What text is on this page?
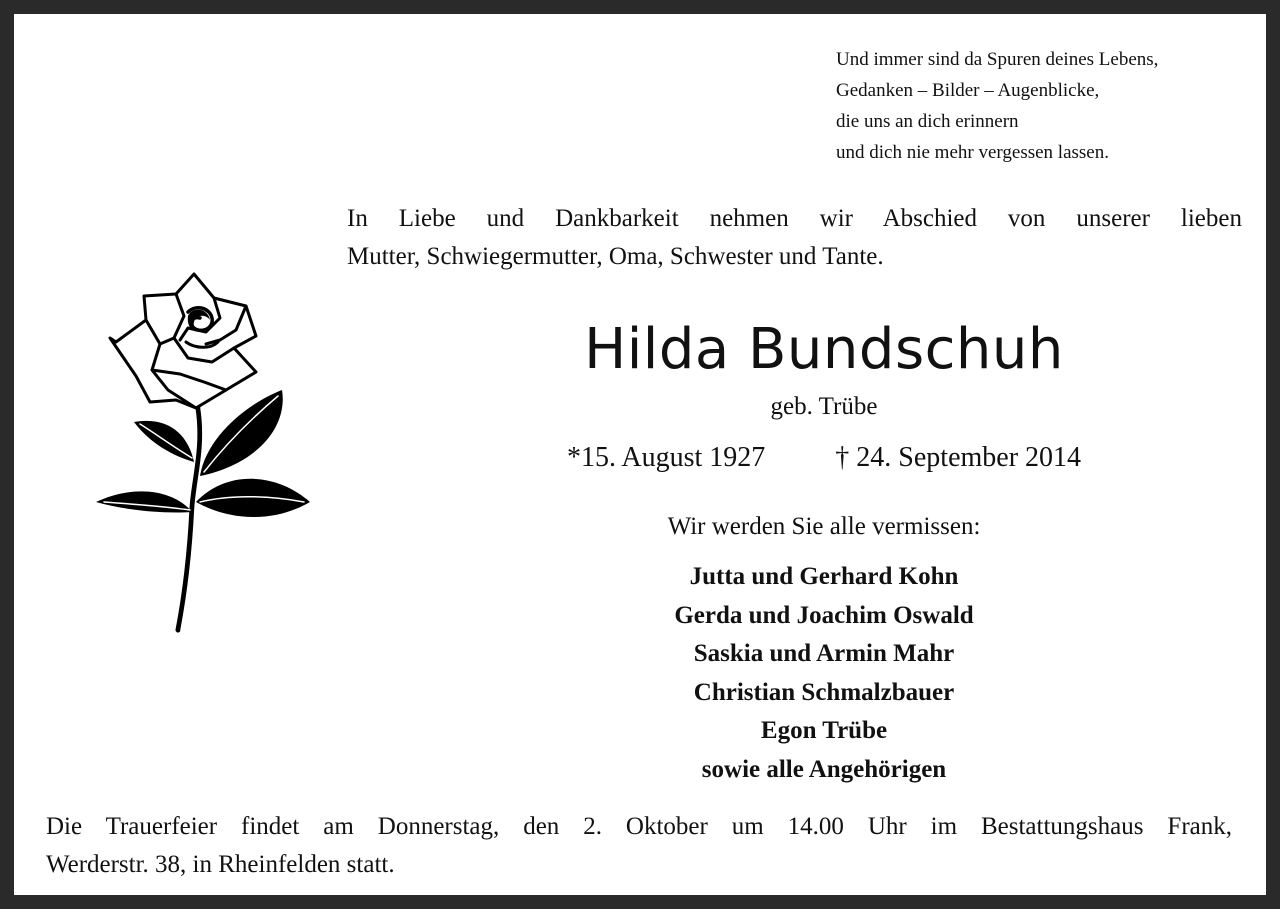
Und immer sind da Spuren deines Lebens,
Gedanken – Bilder – Augenblicke,
die uns an dich erinnern
und dich nie mehr vergessen lassen.
In Liebe und Dankbarkeit nehmen wir Abschied von unserer lieben
Mutter, Schwiegermutter, Oma, Schwester und Tante.
Hilda Bundschuh
geb. Trübe
*15. August 1927	† 24. September 2014
Wir werden Sie alle vermissen:
Jutta und Gerhard Kohn
Gerda und Joachim Oswald
Saskia und Armin Mahr
Christian Schmalzbauer
Egon Trübe
sowie alle Angehörigen
Die Trauerfeier findet am Donnerstag, den 2. Oktober um 14.00 Uhr im Bestattungshaus Frank,
Werderstr. 38, in Rheinfelden statt.
